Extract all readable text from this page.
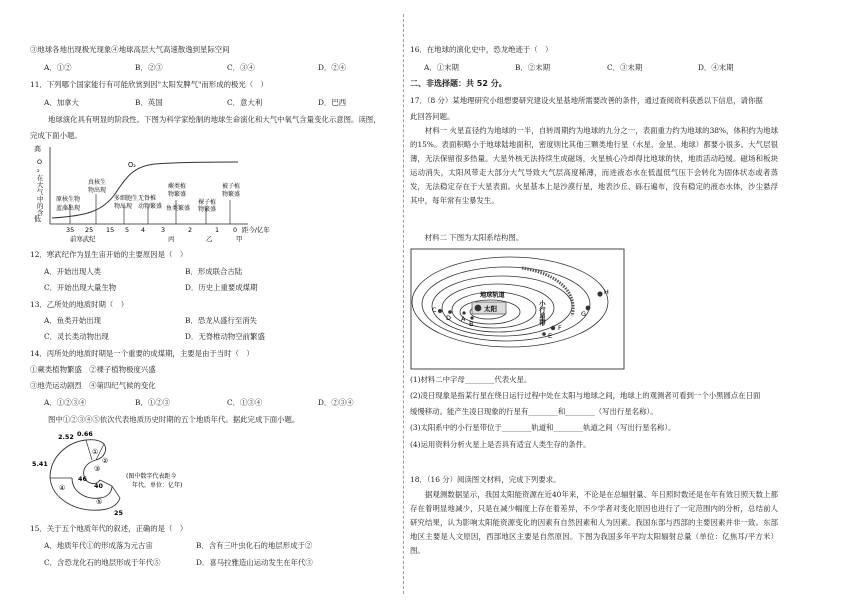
③地球各地出现极光现象④地球高层大气高速散逸到星际空间
A．①②	B．②③	C．③④	D．②④
11．下列哪个国家能行有可能欣赏到因"太阳发脾气"而形成的极光（　）
A．加拿大	B．英国	C．意大利	D．巴西
地球演化具有明显的阶段性。下图为科学家绘制的地球生命演化和大气中氧气含量变化示意图。读图，
完成下面小题。
高
低
O
₂
在
大
气
中
的
含
O₂
原核生物
蓝藻出现
真核生
物出现
多细胞生
物出现
无脊椎
动物繁盛
蕨类植
物繁盛
鱼类繁盛
裸子植
物繁盛
被子植
物繁盛
35 25 15 5 4 3	2	1 0 距今/亿年
前寒武纪	丙	乙	甲
12．寒武纪作为显生宙开始的主要原因是（　）
A．开始出现人类	B．形成联合古陆
C．开始出现大量生物	D．历史上重要成煤期
13．乙所处的地质时期（　）
A．鱼类开始出现	B．恐龙从盛行至消失
C．灵长类动物出现	D．无脊椎动物空前繁盛
14．丙所处的地质时期是一个重要的成煤期，主要是由于当时（　）
①蕨类植物繁盛　②裸子植物极度兴盛
③地壳运动剧烈　④第四纪气候的变化
A．①②③④	B．①②③	C．①③④	D．②③④
图中①②③④⑤依次代表地质历史时期的五个地质年代。据此完成下面小题。
2.52 0.66
5.41
46
40
25
①
②
③
④
⑤
(图中数字代表距今
年代，单位：亿年)
15．关于五个地质年代的叙述，正确的是（　）
A．地质年代①的形成落为元古宙	B．含有三叶虫化石的地层形成于②
C．含恐龙化石的地层形成于年代⑤	D．喜马拉雅造山运动发生在年代③
16．在地球的演化史中，恐龙绝迹于（　）
A．①末期	B．②末期	C．③末期	D．④末期
二、非选择题：共 52 分。
17．（8 分）某地理研究小组想要研究建设火星基地所需要改善的条件，通过查阅资料获悉以下信息，请你据
此回答问题。
　　材料一 火星直径约为地球的一半，自转周期约为地球的九分之一，表面重力约为地球的38%，体积约为地球的15%。表面积略小于地球陆地面积，密度则比其他三颗类地行星（水星、金星、地球）都要小很多。大气层很薄，无法保留很多热量。大星外核无法持续生成磁场，火星核心冷却得比地球的快，地质活动趋缓。磁场和板块运动消失，太阳风带走大部分大气导致大气层高度稀薄，而进液态水在低温低气压下会转化为固体状态或者蒸发，无法稳定存在于大星表面。火星基本上是沙漠行星，地表沙丘、砾石遍布，没有稳定的液态水体，沙尘悬浮其中，每年常有尘暴发生。
　　材料二 下图为太阳系结构图。
太阳
地球轨道
小行星带
C
D A
B	F
E
G
H
(1)材料二中字母________代表火星。
(2)凌日现象是指某行星在绕日运行过程中处在太阳与地球之间，地球上的观测者可看到一个小黑圆点在日面
缓慢移动。能产生凌日现象的行星有________和________（写出行星名称）。
(3)太阳系中的小行星带位于________轨道和________轨道之间（写出行星名称）。
(4)运用资料分析火星上是否具有适宜人类生存的条件。
18．（16 分）阅读图文材料，完成下列要求。
　　据观测数据显示，我国太阳能资源在近40年来，不论是在总辐射量、年日照时数还是在年有效日照天数上都存在着明显地减少，只是在减少幅度上存在着差异，不少学者对变化原因也进行了一定范围内的分析，总结前人研究结果，认为影响太阳能资源变化的因素有自然因素和人为因素。我国东部与西部的主要因素并非一致。东部地区主要是人文原因，西部地区主要是自然原因。下图为我国多年平均太阳辐射总量（单位：亿焦耳/平方米）图。
